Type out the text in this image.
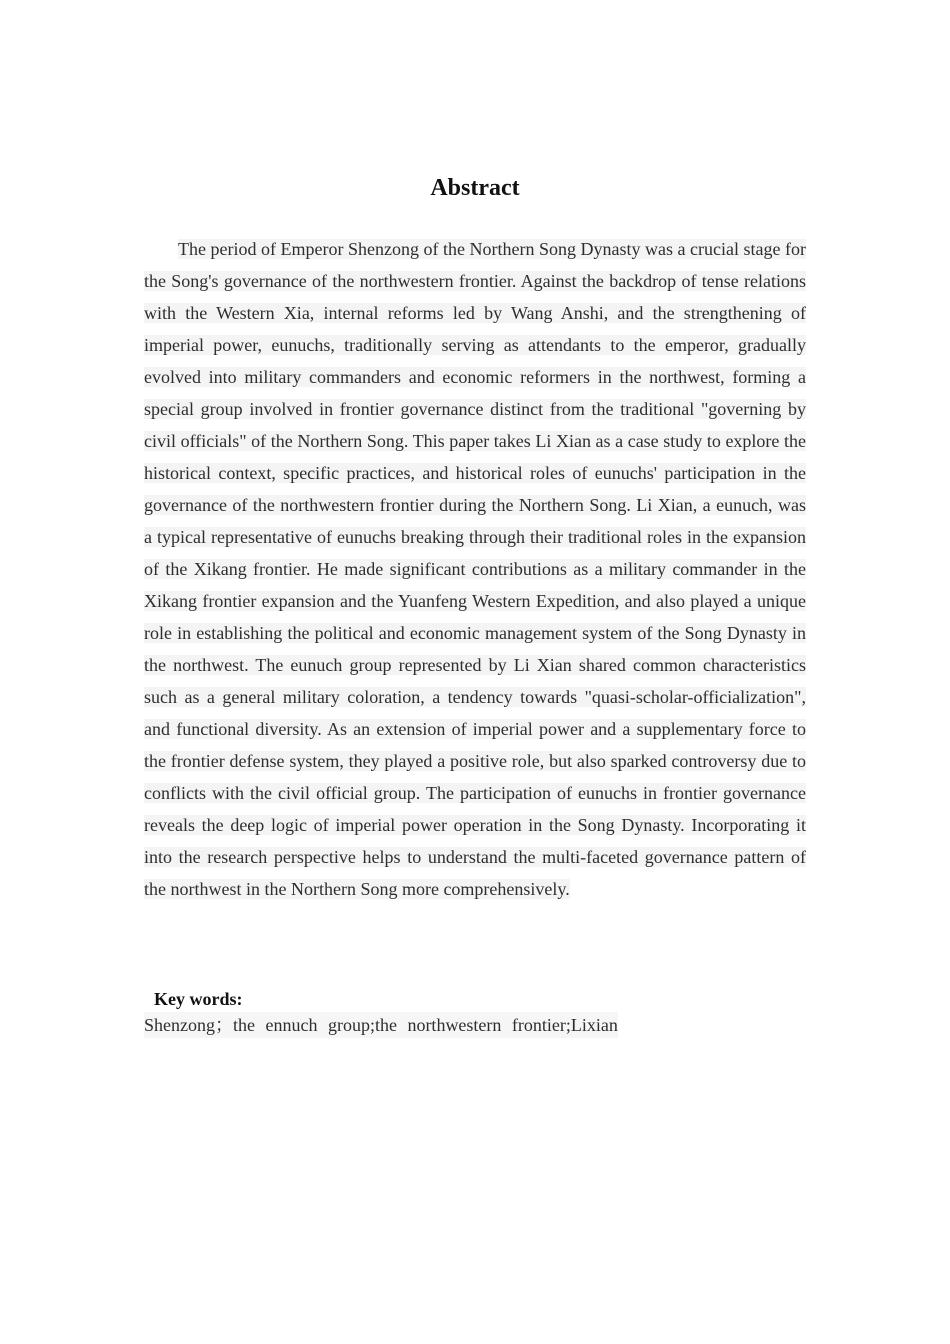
Abstract

The period of Emperor Shenzong of the Northern Song Dynasty was a crucial stage for the Song's governance of the northwestern frontier. Against the backdrop of tense relations with the Western Xia, internal reforms led by Wang Anshi, and the strengthening of imperial power, eunuchs, traditionally serving as attendants to the emperor, gradually evolved into military commanders and economic reformers in the northwest, forming a special group involved in frontier governance distinct from the traditional "governing by civil officials" of the Northern Song. This paper takes Li Xian as a case study to explore the historical context, specific practices, and historical roles of eunuchs' participation in the governance of the northwestern frontier during the Northern Song. Li Xian, a eunuch, was a typical representative of eunuchs breaking through their traditional roles in the expansion of the Xikang frontier. He made significant contributions as a military commander in the Xikang frontier expansion and the Yuanfeng Western Expedition, and also played a unique role in establishing the political and economic management system of the Song Dynasty in the northwest. The eunuch group represented by Li Xian shared common characteristics such as a general military coloration, a tendency towards "quasi-scholar-officialization", and functional diversity. As an extension of imperial power and a supplementary force to the frontier defense system, they played a positive role, but also sparked controversy due to conflicts with the civil official group. The participation of eunuchs in frontier governance reveals the deep logic of imperial power operation in the Song Dynasty. Incorporating it into the research perspective helps to understand the multi-faceted governance pattern of the northwest in the Northern Song more comprehensively.

Key words:

Shenzong；the ennuch group;the northwestern frontier;Lixian
